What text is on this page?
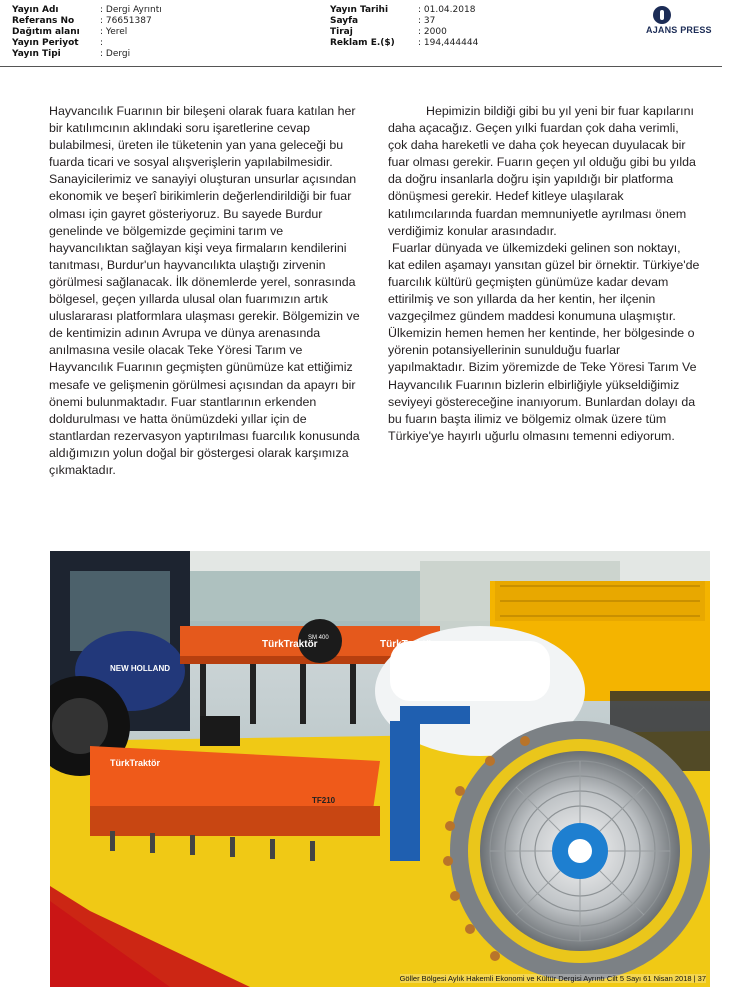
Yayın Adı	: Dergi Ayrıntı
Referans No	: 76651387
Dağıtım alanı	: Yerel
Yayın Periyot	:
Yayın Tipi	: Dergi
Yayın Tarihi	: 01.04.2018
Sayfa	: 37
Tiraj	: 2000
Reklam E.($)	: 194,444444
AJANS PRESS

Hayvancılık Fuarının bir bileşeni olarak fuara katılan her bir katılımcının aklındaki soru işaretlerine cevap bulabilmesi, üreten ile tüketenin yan yana geleceği bu fuarda ticari ve sosyal alışverişlerin yapılabilmesidir. Sanayicilerimiz ve sanayiyi oluşturan unsurlar açısından ekonomik ve beşerî birikimlerin değerlendirildiği bir fuar olması için gayret gösteriyoruz. Bu sayede Burdur genelinde ve bölgemizde geçimini tarım ve hayvancılıktan sağlayan kişi veya firmaların kendilerini tanıtması, Burdur'un hayvancılıkta ulaştığı zirvenin görülmesi sağlanacak. İlk dönemlerde yerel, sonrasında bölgesel, geçen yıllarda ulusal olan fuarımızın artık uluslararası platformlara ulaşması gerekir. Bölgemizin ve de kentimizin adının Avrupa ve dünya arenasında anılmasına vesile olacak Teke Yöresi Tarım ve Hayvancılık Fuarının geçmişten günümüze kat ettiğimiz mesafe ve gelişmenin görülmesi açısından da apayrı bir önemi bulunmaktadır. Fuar stantlarının erkenden doldurulması ve hatta önümüzdeki yıllar için de stantlardan rezervasyon yaptırılması fuarcılık konusunda aldığımızın yolun doğal bir göstergesi olarak karşımıza çıkmaktadır.

Hepimizin bildiği gibi bu yıl yeni bir fuar kapılarını daha açacağız. Geçen yılki fuardan çok daha verimli, çok daha hareketli ve daha çok heyecan duyulacak bir fuar olması gerekir. Fuarın geçen yıl olduğu gibi bu yılda da doğru insanlarla doğru işin yapıldığı bir platforma dönüşmesi gerekir. Hedef kitleye ulaşılarak katılımcılarında fuardan memnuniyetle ayrılması önem verdiğimiz konular arasındadır.

Fuarlar dünyada ve ülkemizdeki gelinen son noktayı, kat edilen aşamayı yansıtan güzel bir örnektir. Türkiye'de fuarcılık kültürü geçmişten günümüze kadar devam ettirilmiş ve son yıllarda da her kentin, her ilçenin vazgeçilmez gündem maddesi konumuna ulaşmıştır. Ülkemizin hemen hemen her kentinde, her bölgesinde o yörenin potansiyellerinin sunulduğu fuarlar yapılmaktadır. Bizim yöremizde de Teke Yöresi Tarım Ve Hayvancılık Fuarının bizlerin elbirliğiyle yükseldiğimiz seviyeyi göstereceğine inanıyorum. Bunlardan dolayı da bu fuarın başta ilimiz ve bölgemiz olmak üzere tüm Türkiye'ye hayırlı uğurlu olmasını temenni ediyorum.

TürkTraktör	TürkTraktör
TürkTraktör
NEW HOLLAND
SM 400
TF210
Göller Bölgesi Aylık Hakemli Ekonomi ve Kültür Dergisi Ayrıntı Cilt 5 Sayı 61 Nisan 2018 | 37
